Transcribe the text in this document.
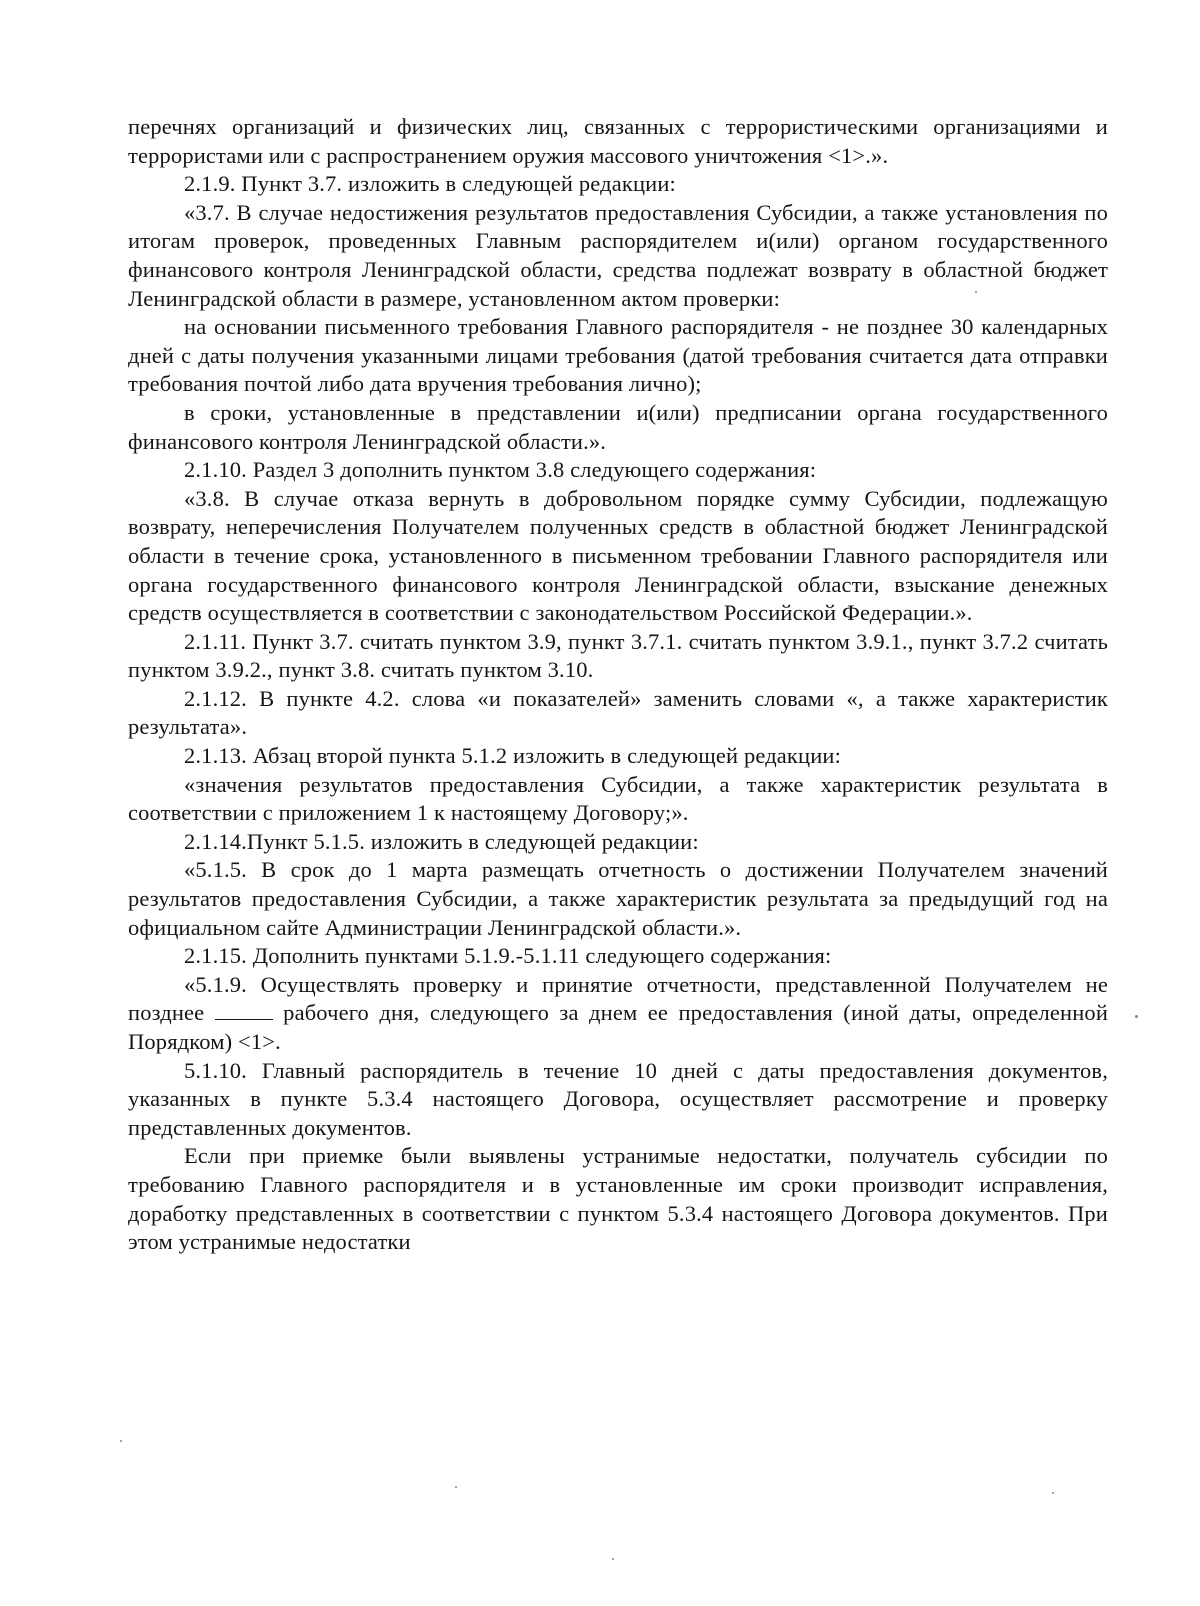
перечнях организаций и физических лиц, связанных с террористическими организациями и террористами или с распространением оружия массового уничтожения <1>.».

2.1.9. Пункт 3.7. изложить в следующей редакции:

«3.7. В случае недостижения результатов предоставления Субсидии, а также установления по итогам проверок, проведенных Главным распорядителем и(или) органом государственного финансового контроля Ленинградской области, средства подлежат возврату в областной бюджет Ленинградской области в размере, установленном актом проверки:

на основании письменного требования Главного распорядителя - не позднее 30 календарных дней с даты получения указанными лицами требования (датой требования считается дата отправки требования почтой либо дата вручения требования лично);

в сроки, установленные в представлении и(или) предписании органа государственного финансового контроля Ленинградской области.».

2.1.10. Раздел 3 дополнить пунктом 3.8 следующего содержания:

«3.8. В случае отказа вернуть в добровольном порядке сумму Субсидии, подлежащую возврату, неперечисления Получателем полученных средств в областной бюджет Ленинградской области в течение срока, установленного в письменном требовании Главного распорядителя или органа государственного финансового контроля Ленинградской области, взыскание денежных средств осуществляется в соответствии с законодательством Российской Федерации.».

2.1.11. Пункт 3.7. считать пунктом 3.9, пункт 3.7.1. считать пунктом 3.9.1., пункт 3.7.2 считать пунктом 3.9.2., пункт 3.8. считать пунктом 3.10.

2.1.12. В пункте 4.2. слова «и показателей» заменить словами «, а также характеристик результата».

2.1.13. Абзац второй пункта 5.1.2 изложить в следующей редакции:

«значения результатов предоставления Субсидии, а также характеристик результата в соответствии с приложением 1 к настоящему Договору;».

2.1.14.Пункт 5.1.5. изложить в следующей редакции:

«5.1.5. В срок до 1 марта размещать отчетность о достижении Получателем значений результатов предоставления Субсидии, а также характеристик результата за предыдущий год на официальном сайте Администрации Ленинградской области.».

2.1.15. Дополнить пунктами 5.1.9.-5.1.11 следующего содержания:

«5.1.9. Осуществлять проверку и принятие отчетности, представленной Получателем не позднее	рабочего дня, следующего за днем ее предоставления (иной даты, определенной Порядком) <1>.

5.1.10. Главный распорядитель в течение 10 дней с даты предоставления документов, указанных в пункте 5.3.4 настоящего Договора, осуществляет рассмотрение и проверку представленных документов.

Если при приемке были выявлены устранимые недостатки, получатель субсидии по требованию Главного распорядителя и в установленные им сроки производит исправления, доработку представленных в соответствии с пунктом 5.3.4 настоящего Договора документов. При этом устранимые недостатки
